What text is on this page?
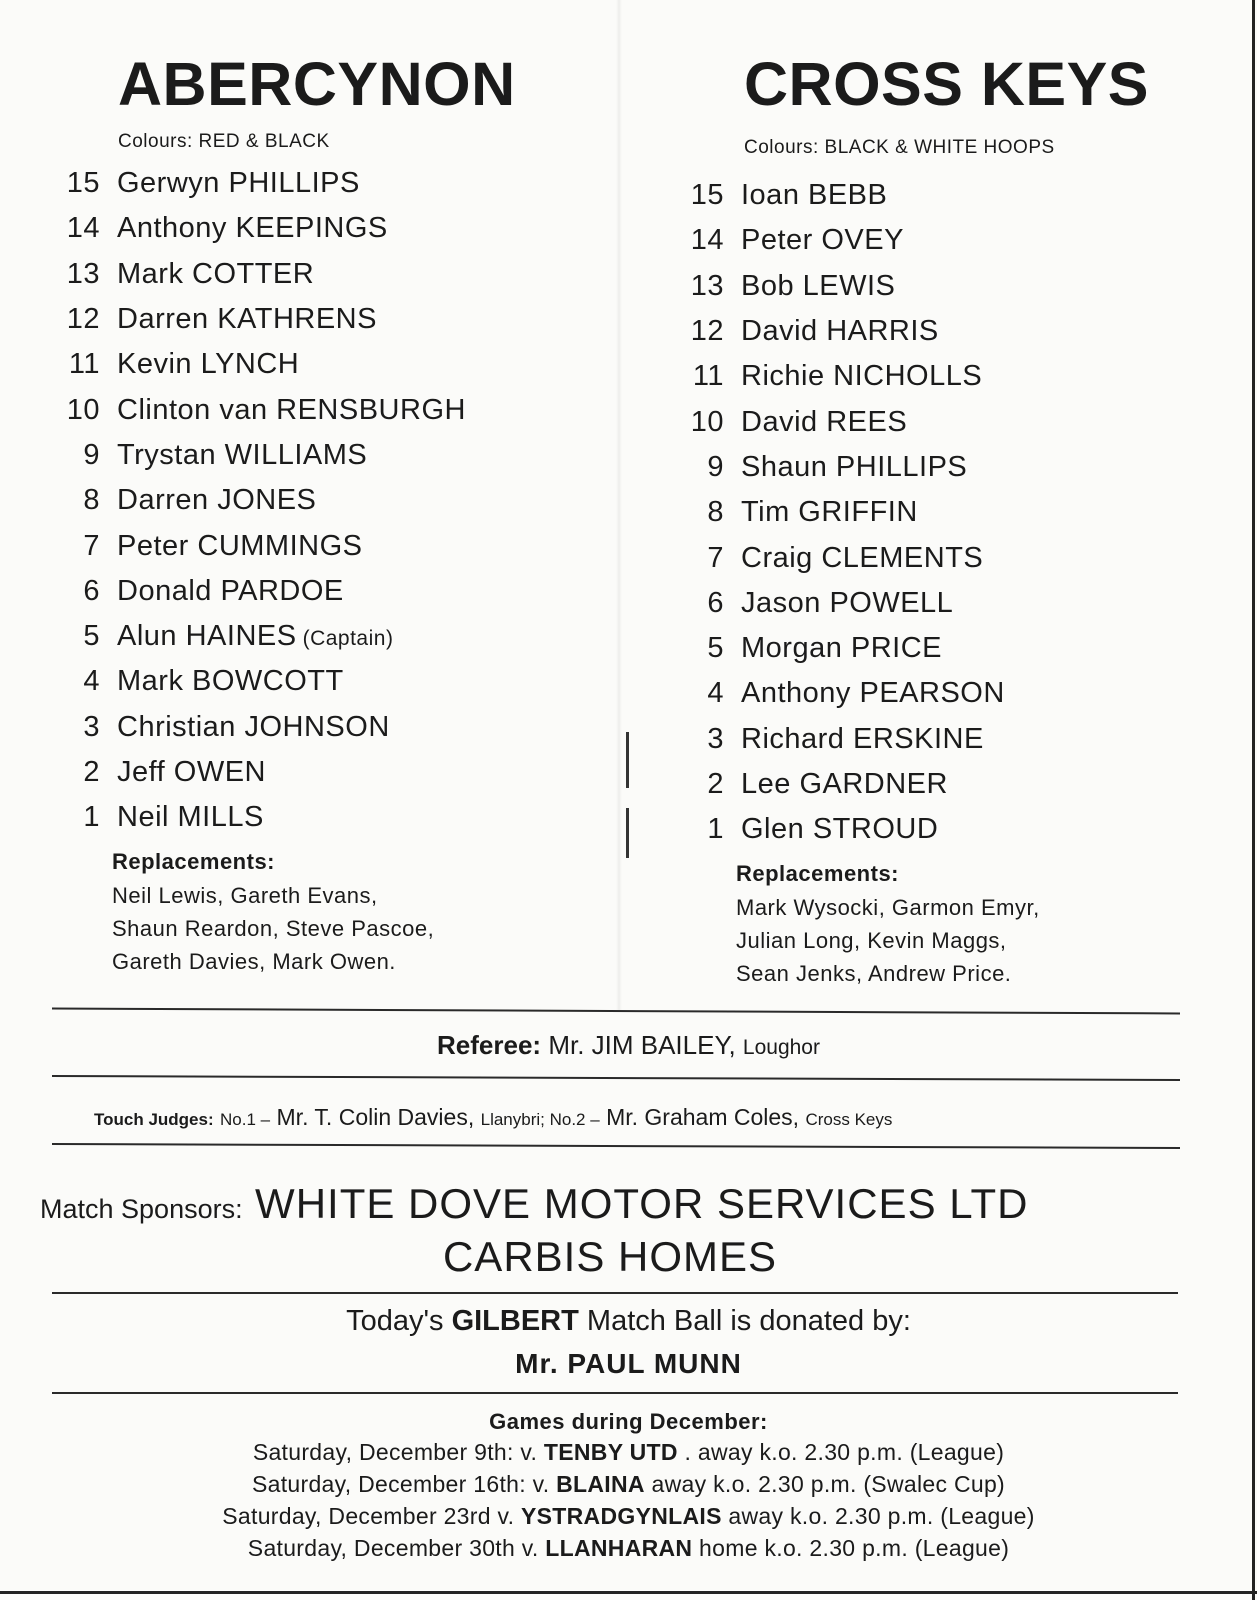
ABERCYNON
Colours: RED & BLACK
15 Gerwyn PHILLIPS
14 Anthony KEEPINGS
13 Mark COTTER
12 Darren KATHRENS
11 Kevin LYNCH
10 Clinton van RENSBURGH
9 Trystan WILLIAMS
8 Darren JONES
7 Peter CUMMINGS
6 Donald PARDOE
5 Alun HAINES (Captain)
4 Mark BOWCOTT
3 Christian JOHNSON
2 Jeff OWEN
1 Neil MILLS
Replacements:
Neil Lewis, Gareth Evans,
Shaun Reardon, Steve Pascoe,
Gareth Davies, Mark Owen.
CROSS KEYS
Colours: BLACK & WHITE HOOPS
15 Ioan BEBB
14 Peter OVEY
13 Bob LEWIS
12 David HARRIS
11 Richie NICHOLLS
10 David REES
9 Shaun PHILLIPS
8 Tim GRIFFIN
7 Craig CLEMENTS
6 Jason POWELL
5 Morgan PRICE
4 Anthony PEARSON
3 Richard ERSKINE
2 Lee GARDNER
1 Glen STROUD
Replacements:
Mark Wysocki, Garmon Emyr,
Julian Long, Kevin Maggs,
Sean Jenks, Andrew Price.
Referee: Mr. JIM BAILEY, Loughor
Touch Judges: No.1 – Mr. T. Colin Davies, Llanybri; No.2 – Mr. Graham Coles, Cross Keys
Match Sponsors: WHITE DOVE MOTOR SERVICES LTD
CARBIS HOMES
Today's GILBERT Match Ball is donated by:
Mr. PAUL MUNN
Games during December:
Saturday, December 9th: v. TENBY UTD . away k.o. 2.30 p.m. (League)
Saturday, December 16th: v. BLAINA away k.o. 2.30 p.m. (Swalec Cup)
Saturday, December 23rd v. YSTRADGYNLAIS away k.o. 2.30 p.m. (League)
Saturday, December 30th v. LLANHARAN home k.o. 2.30 p.m. (League)
